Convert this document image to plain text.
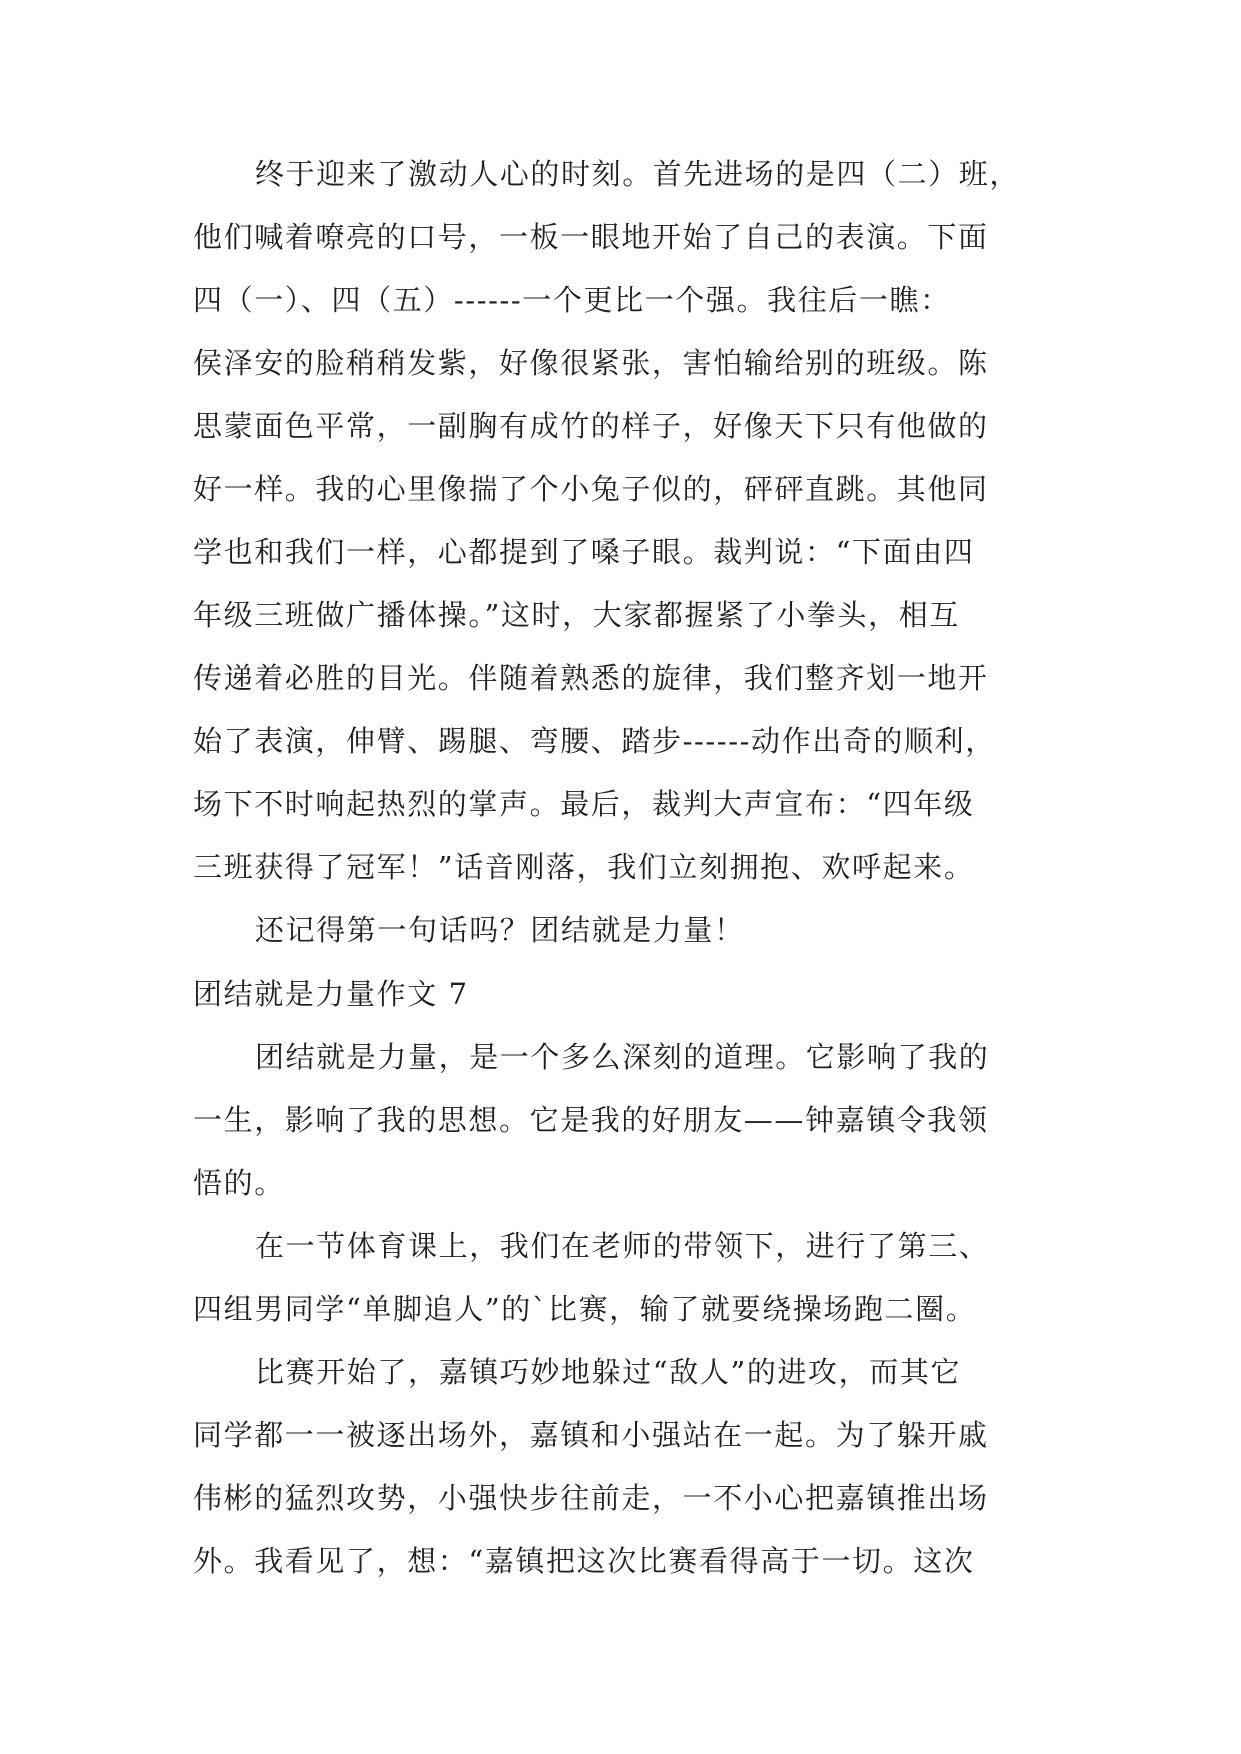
终于迎来了激动人心的时刻。首先进场的是四（二）班，
他们喊着嘹亮的口号，一板一眼地开始了自己的表演。下面
四（一）、四（五）------一个更比一个强。我往后一瞧：
侯泽安的脸稍稍发紫，好像很紧张，害怕输给别的班级。陈
思蒙面色平常，一副胸有成竹的样子，好像天下只有他做的
好一样。我的心里像揣了个小兔子似的，砰砰直跳。其他同
学也和我们一样，心都提到了嗓子眼。裁判说：“下面由四
年级三班做广播体操。”这时，大家都握紧了小拳头，相互
传递着必胜的目光。伴随着熟悉的旋律，我们整齐划一地开
始了表演，伸臂、踢腿、弯腰、踏步------动作出奇的顺利，
场下不时响起热烈的掌声。最后，裁判大声宣布：“四年级
三班获得了冠军！”话音刚落，我们立刻拥抱、欢呼起来。
还记得第一句话吗？团结就是力量！
团结就是力量作文 7
团结就是力量，是一个多么深刻的道理。它影响了我的
一生，影响了我的思想。它是我的好朋友——钟嘉镇令我领
悟的。
在一节体育课上，我们在老师的带领下，进行了第三、
四组男同学“单脚追人”的`比赛，输了就要绕操场跑二圈。
比赛开始了，嘉镇巧妙地躲过“敌人”的进攻，而其它
同学都一一被逐出场外，嘉镇和小强站在一起。为了躲开戚
伟彬的猛烈攻势，小强快步往前走，一不小心把嘉镇推出场
外。我看见了，想：“嘉镇把这次比赛看得高于一切。这次
